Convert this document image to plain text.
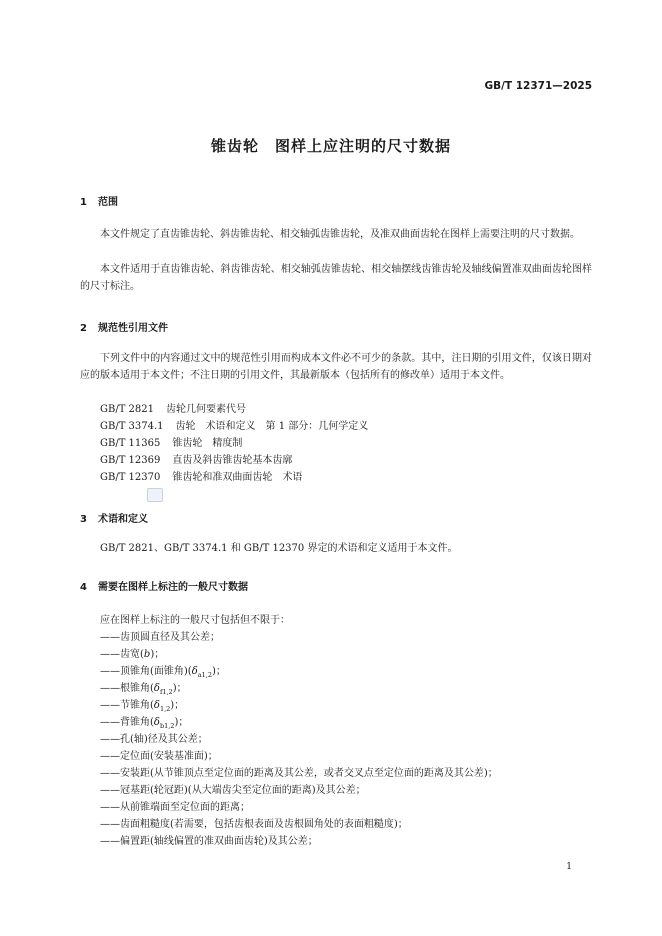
GB/T 12371—2025
锥齿轮　图样上应注明的尺寸数据
1 范围
本文件规定了直齿锥齿轮、斜齿锥齿轮、相交轴弧齿锥齿轮，及准双曲面齿轮在图样上需要注明的尺寸数据。
本文件适用于直齿锥齿轮、斜齿锥齿轮、相交轴弧齿锥齿轮、相交轴摆线齿锥齿轮及轴线偏置准双曲面齿轮图样的尺寸标注。
2 规范性引用文件
下列文件中的内容通过文中的规范性引用而构成本文件必不可少的条款。其中，注日期的引用文件，仅该日期对应的版本适用于本文件；不注日期的引用文件，其最新版本（包括所有的修改单）适用于本文件。
GB/T 2821 齿轮几何要素代号
GB/T 3374.1 齿轮　术语和定义　第 1 部分：几何学定义
GB/T 11365 锥齿轮　精度制
GB/T 12369 直齿及斜齿锥齿轮基本齿廓
GB/T 12370 锥齿轮和准双曲面齿轮　术语
3 术语和定义
GB/T 2821、GB/T 3374.1 和 GB/T 12370 界定的术语和定义适用于本文件。
4 需要在图样上标注的一般尺寸数据
应在图样上标注的一般尺寸包括但不限于：
——齿顶圆直径及其公差；
——齿宽(b)；
——顶锥角(面锥角)$(\delta_{a1,2})$；
——根锥角$(\delta_{f1,2})$；
——节锥角$(\delta_{1,2})$；
——背锥角$(\delta_{b1,2})$；
——孔(轴)径及其公差；
——定位面(安装基准面)；
——安装距(从节锥顶点至定位面的距离及其公差，或者交叉点至定位面的距离及其公差)；
——冠基距(轮冠距)(从大端齿尖至定位面的距离)及其公差；
——从前锥端面至定位面的距离；
——齿面粗糙度(若需要，包括齿根表面及齿根圆角处的表面粗糙度)；
——偏置距(轴线偏置的准双曲面齿轮)及其公差；
1
